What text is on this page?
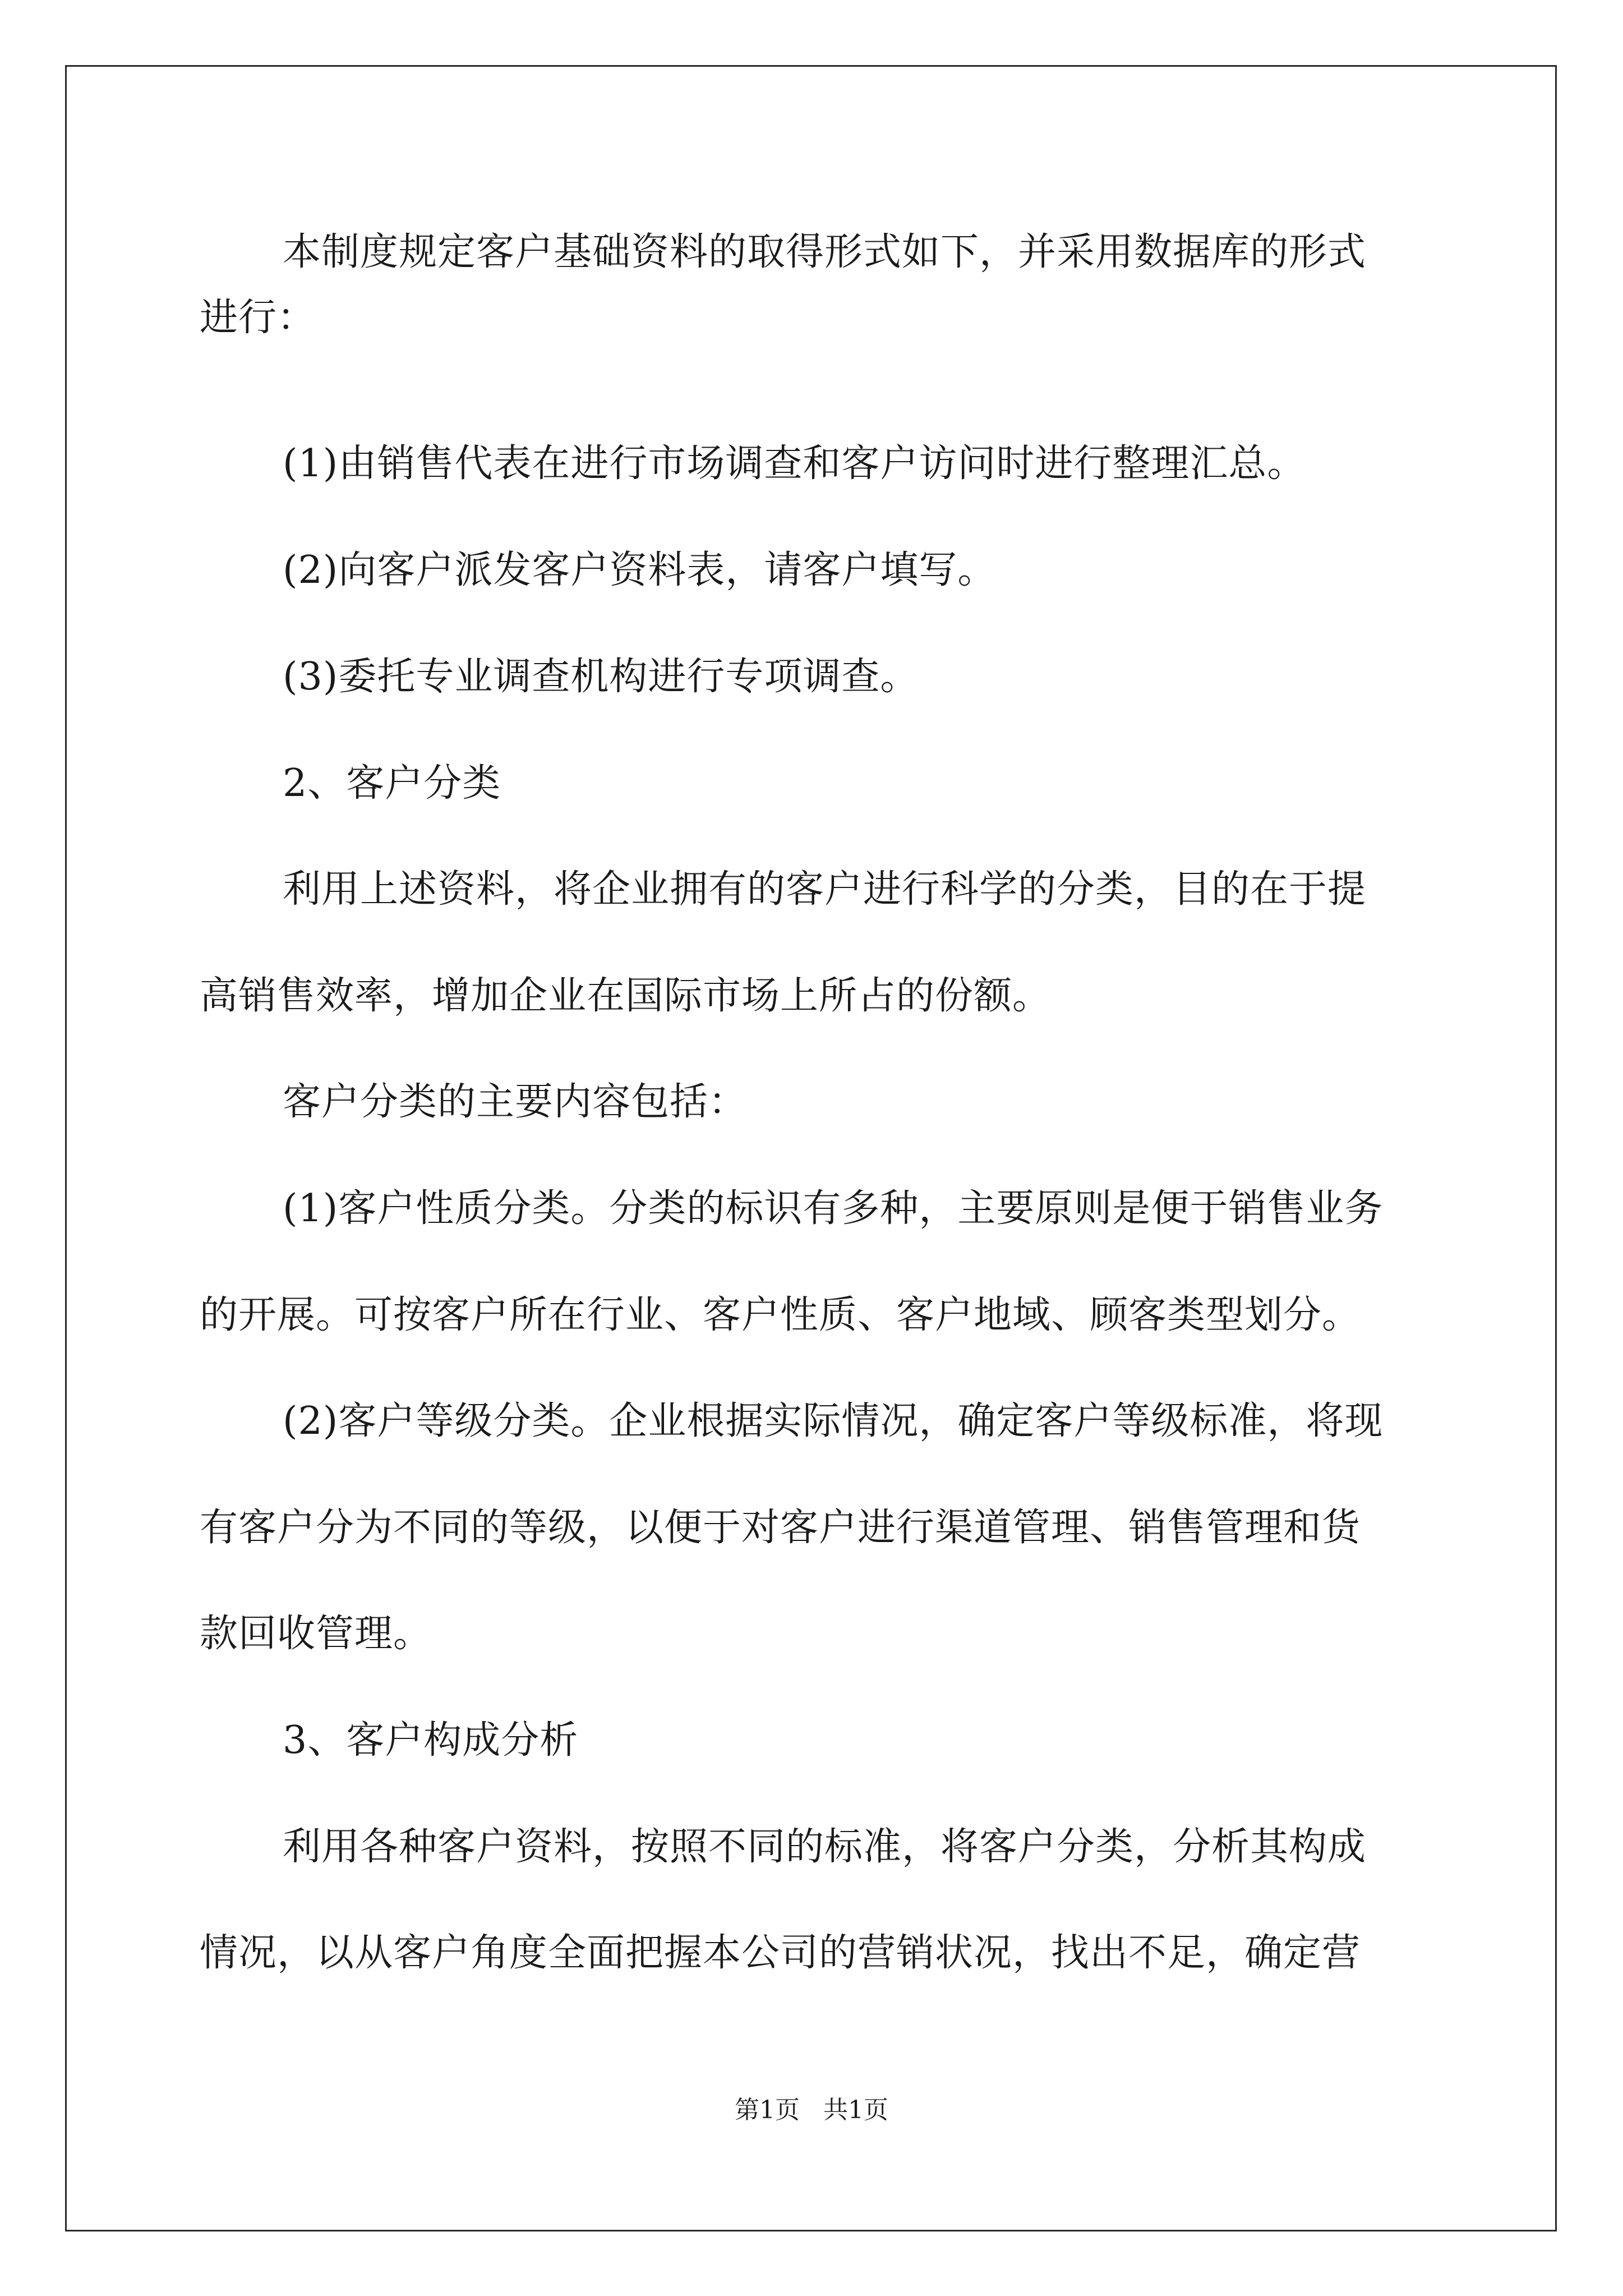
本制度规定客户基础资料的取得形式如下，并采用数据库的形式
进行：
(1)由销售代表在进行市场调查和客户访问时进行整理汇总。
(2)向客户派发客户资料表，请客户填写。
(3)委托专业调查机构进行专项调查。
2、客户分类
利用上述资料，将企业拥有的客户进行科学的分类，目的在于提
高销售效率，增加企业在国际市场上所占的份额。
客户分类的主要内容包括：
(1)客户性质分类。分类的标识有多种，主要原则是便于销售业务
的开展。可按客户所在行业、客户性质、客户地域、顾客类型划分。
(2)客户等级分类。企业根据实际情况，确定客户等级标准，将现
有客户分为不同的等级，以便于对客户进行渠道管理、销售管理和货
款回收管理。
3、客户构成分析
利用各种客户资料，按照不同的标准，将客户分类，分析其构成
情况，以从客户角度全面把握本公司的营销状况，找出不足，确定营
第1页 共1页
